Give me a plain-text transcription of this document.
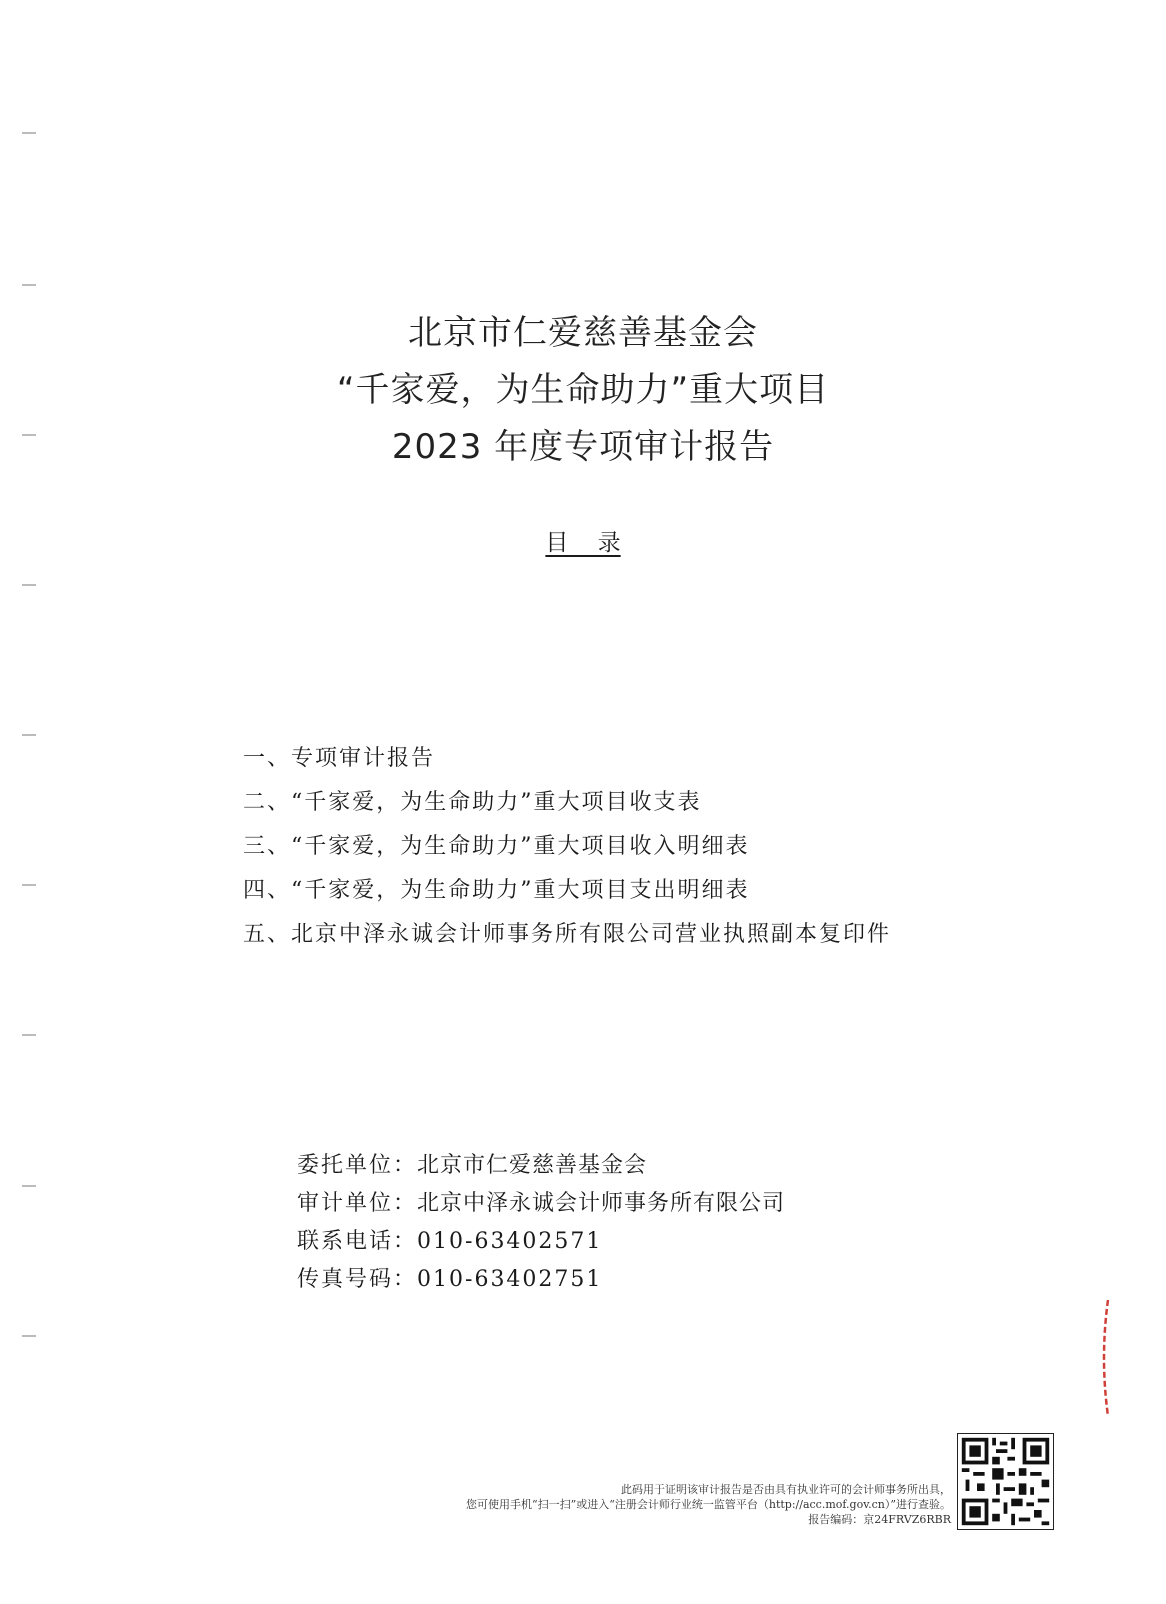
北京市仁爱慈善基金会
“千家爱，为生命助力”重大项目
2023 年度专项审计报告
目    录
一、专项审计报告
二、“千家爱，为生命助力”重大项目收支表
三、“千家爱，为生命助力”重大项目收入明细表
四、“千家爱，为生命助力”重大项目支出明细表
五、北京中泽永诚会计师事务所有限公司营业执照副本复印件
委托单位：北京市仁爱慈善基金会
审计单位：北京中泽永诚会计师事务所有限公司
联系电话：010-63402571
传真号码：010-63402751
此码用于证明该审计报告是否由具有执业许可的会计师事务所出具，
您可使用手机“扫一扫”或进入“注册会计师行业统一监管平台（http://acc.mof.gov.cn）”进行查验。
报告编码：京24FRVZ6RBR
